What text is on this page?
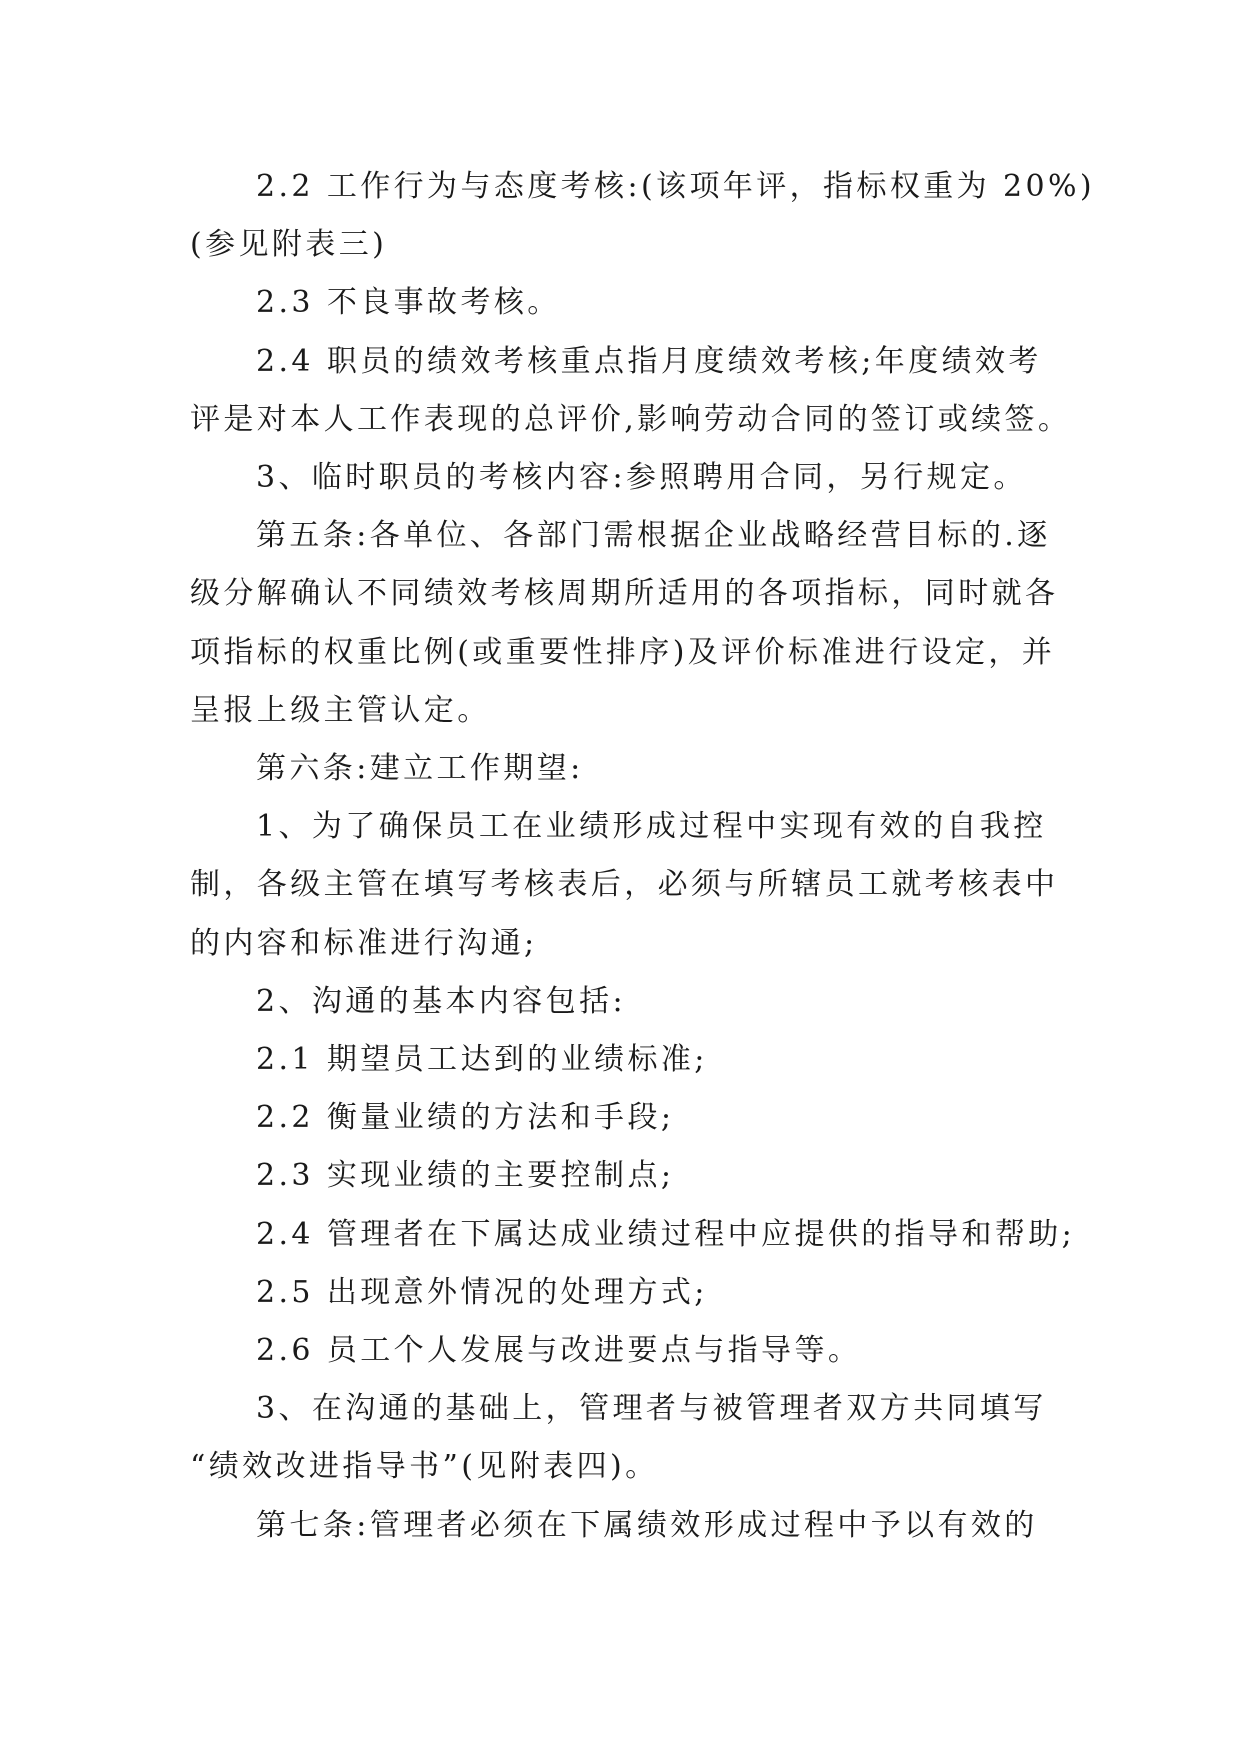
2.2 工作行为与态度考核:(该项年评，指标权重为 20%)

(参见附表三)

2.3 不良事故考核。

2.4 职员的绩效考核重点指月度绩效考核;年度绩效考

评是对本人工作表现的总评价,影响劳动合同的签订或续签。

3、临时职员的考核内容:参照聘用合同，另行规定。

第五条:各单位、各部门需根据企业战略经营目标的.逐

级分解确认不同绩效考核周期所适用的各项指标，同时就各

项指标的权重比例(或重要性排序)及评价标准进行设定，并

呈报上级主管认定。

第六条:建立工作期望:

1、为了确保员工在业绩形成过程中实现有效的自我控

制，各级主管在填写考核表后，必须与所辖员工就考核表中

的内容和标准进行沟通;

2、沟通的基本内容包括:

2.1 期望员工达到的业绩标准;

2.2 衡量业绩的方法和手段;

2.3 实现业绩的主要控制点;

2.4 管理者在下属达成业绩过程中应提供的指导和帮助;

2.5 出现意外情况的处理方式;

2.6 员工个人发展与改进要点与指导等。

3、在沟通的基础上，管理者与被管理者双方共同填写

“绩效改进指导书”(见附表四)。

第七条:管理者必须在下属绩效形成过程中予以有效的
